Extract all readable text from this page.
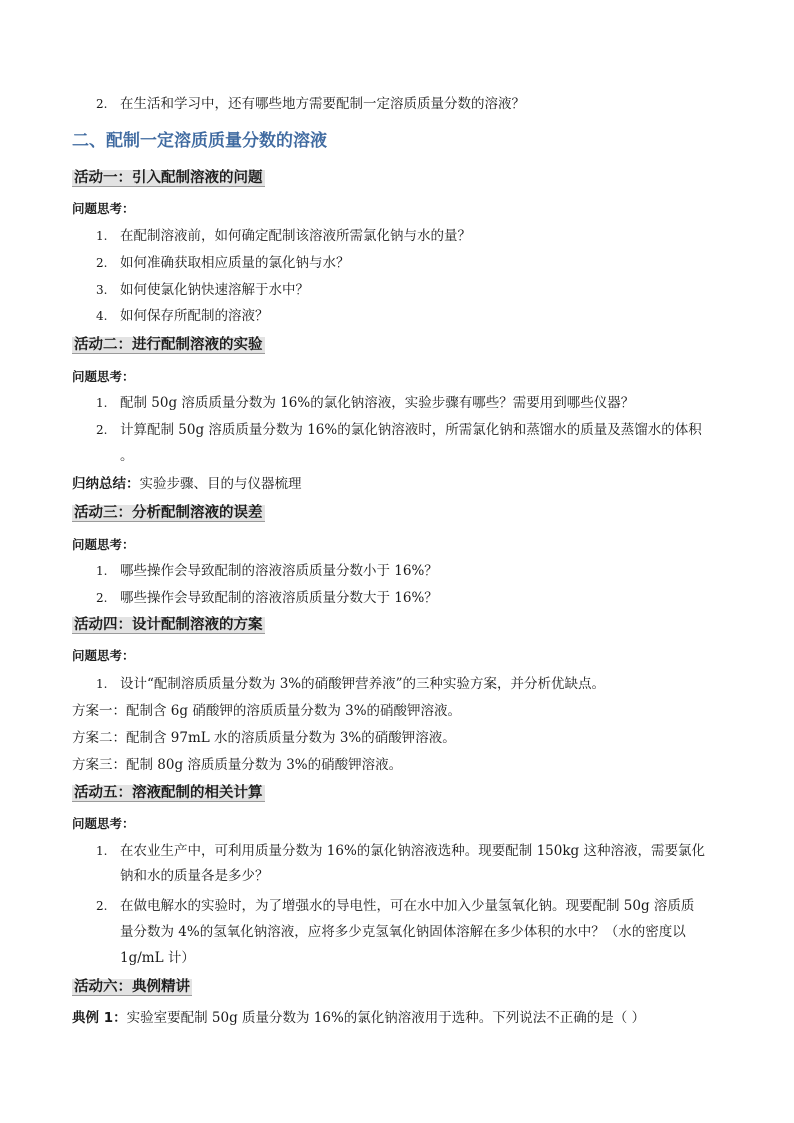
2. 在生活和学习中，还有哪些地方需要配制一定溶质质量分数的溶液？
二、配制一定溶质质量分数的溶液
活动一：引入配制溶液的问题
问题思考：
1. 在配制溶液前，如何确定配制该溶液所需氯化钠与水的量？
2. 如何准确获取相应质量的氯化钠与水？
3. 如何使氯化钠快速溶解于水中？
4. 如何保存所配制的溶液？
活动二：进行配制溶液的实验
问题思考：
1. 配制 50g 溶质质量分数为 16%的氯化钠溶液，实验步骤有哪些？需要用到哪些仪器？
2. 计算配制 50g 溶质质量分数为 16%的氯化钠溶液时，所需氯化钠和蒸馏水的质量及蒸馏水的体积
。
归纳总结：实验步骤、目的与仪器梳理
活动三：分析配制溶液的误差
问题思考：
1. 哪些操作会导致配制的溶液溶质质量分数小于 16%？
2. 哪些操作会导致配制的溶液溶质质量分数大于 16%？
活动四：设计配制溶液的方案
问题思考：
1. 设计“配制溶质质量分数为 3%的硝酸钾营养液”的三种实验方案，并分析优缺点。
方案一：配制含 6g 硝酸钾的溶质质量分数为 3%的硝酸钾溶液。
方案二：配制含 97mL 水的溶质质量分数为 3%的硝酸钾溶液。
方案三：配制 80g 溶质质量分数为 3%的硝酸钾溶液。
活动五：溶液配制的相关计算
问题思考：
1. 在农业生产中，可利用质量分数为 16%的氯化钠溶液选种。现要配制 150kg 这种溶液，需要氯化
钠和水的质量各是多少？
2. 在做电解水的实验时，为了增强水的导电性，可在水中加入少量氢氧化钠。现要配制 50g 溶质质
量分数为 4%的氢氧化钠溶液，应将多少克氢氧化钠固体溶解在多少体积的水中？（水的密度以
1g/mL 计）
活动六：典例精讲
典例 1：实验室要配制 50g 质量分数为 16%的氯化钠溶液用于选种。下列说法不正确的是（ ）
